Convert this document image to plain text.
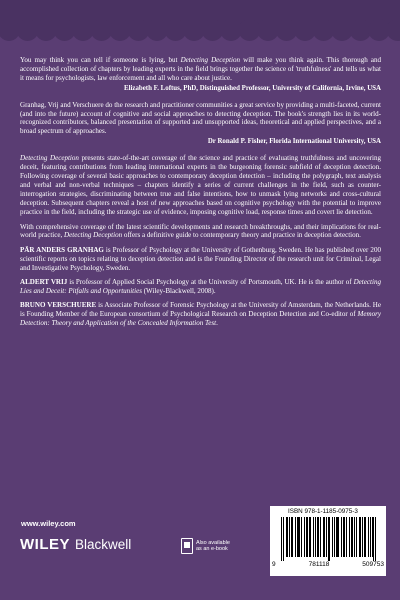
You may think you can tell if someone is lying, but Detecting Deception will make you think again. This thorough and accomplished collection of chapters by leading experts in the field brings together the science of 'truthfulness' and tells us what it means for psychologists, law enforcement and all who care about justice.

Elizabeth F. Loftus, PhD, Distinguished Professor, University of California, Irvine, USA

Granhag, Vrij and Verschuere do the research and practitioner communities a great service by providing a multi-faceted, current (and into the future) account of cognitive and social approaches to detecting deception. The book's strength lies in its world-recognized contributors, balanced presentation of supported and unsupported ideas, theoretical and applied perspectives, and a broad spectrum of approaches.

Dr Ronald P. Fisher, Florida International University, USA

Detecting Deception presents state-of-the-art coverage of the science and practice of evaluating truthfulness and uncovering deceit, featuring contributions from leading international experts in the burgeoning forensic subfield of deception detection. Following coverage of several basic approaches to contemporary deception detection – including the polygraph, text analysis and verbal and non-verbal techniques – chapters identify a series of current challenges in the field, such as counter-interrogation strategies, discriminating between true and false intentions, how to unmask lying networks and cross-cultural deception. Subsequent chapters reveal a host of new approaches based on cognitive psychology with the potential to improve practice in the field, including the strategic use of evidence, imposing cognitive load, response times and covert lie detection.

With comprehensive coverage of the latest scientific developments and research breakthroughs, and their implications for real-world practice, Detecting Deception offers a definitive guide to contemporary theory and practice in deception detection.

PÄR ANDERS GRANHAG is Professor of Psychology at the University of Gothenburg, Sweden. He has published over 200 scientific reports on topics relating to deception detection and is the Founding Director of the research unit for Criminal, Legal and Investigative Psychology, Sweden.

ALDERT VRIJ is Professor of Applied Social Psychology at the University of Portsmouth, UK. He is the author of Detecting Lies and Deceit: Pitfalls and Opportunities (Wiley-Blackwell, 2008).

BRUNO VERSCHUERE is Associate Professor of Forensic Psychology at the University of Amsterdam, the Netherlands. He is Founding Member of the European consortium of Psychological Research on Deception Detection and Co-editor of Memory Detection: Theory and Application of the Concealed Information Test.

www.wiley.com
WILEY Blackwell	Also available
as an e-book
ISBN 978-1-1185-0975-3
9	781118	509753
